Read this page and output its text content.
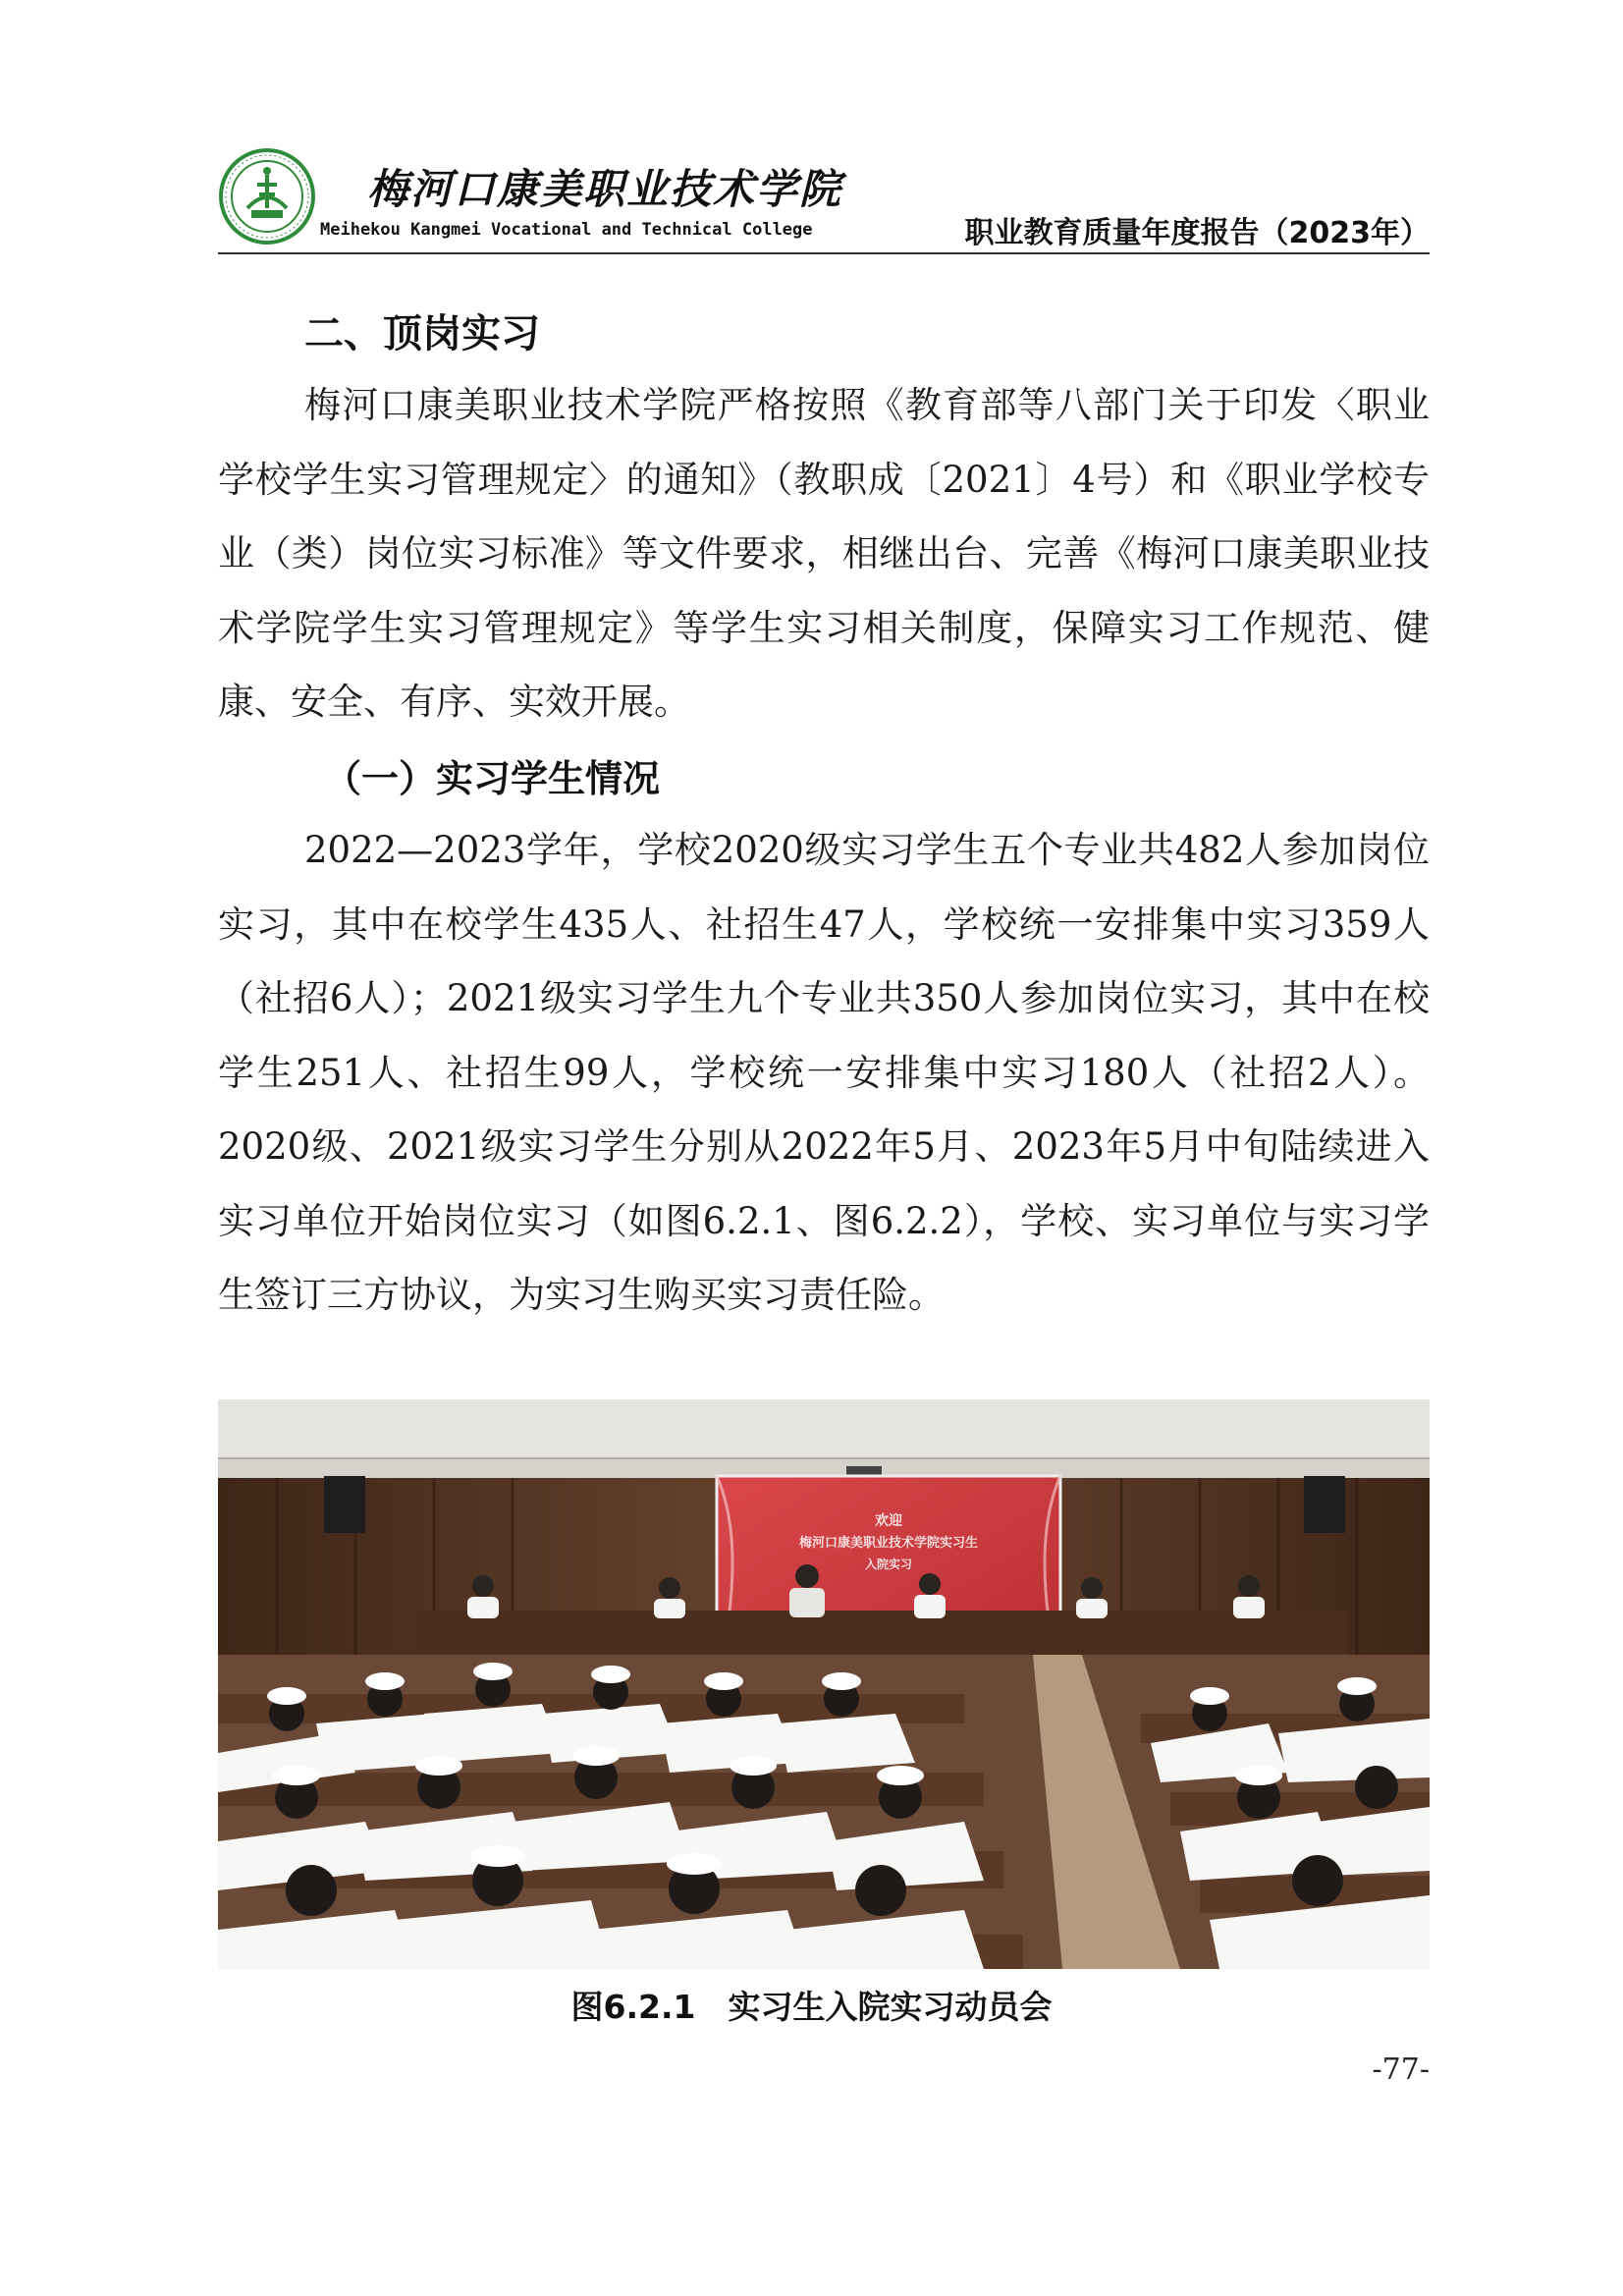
梅河口康美职业技术学院
Meihekou Kangmei Vocational and Technical College	职业教育质量年度报告（2023年）
二、顶岗实习

梅河口康美职业技术学院严格按照《教育部等八部门关于印发〈职业学校学生实习管理规定〉的通知》（教职成〔2021〕4号）和《职业学校专业（类）岗位实习标准》等文件要求，相继出台、完善《梅河口康美职业技术学院学生实习管理规定》等学生实习相关制度，保障实习工作规范、健康、安全、有序、实效开展。

（一）实习学生情况

2022—2023学年，学校2020级实习学生五个专业共482人参加岗位实习，其中在校学生435人、社招生47人，学校统一安排集中实习359人（社招6人）；2021级实习学生九个专业共350人参加岗位实习，其中在校学生251人、社招生99人，学校统一安排集中实习180人（社招2人）。2020级、2021级实习学生分别从2022年5月、2023年5月中旬陆续进入实习单位开始岗位实习（如图6.2.1、图6.2.2），学校、实习单位与实习学生签订三方协议，为实习生购买实习责任险。

欢迎
梅河口康美职业技术学院实习生
入院实习
图6.2.1　实习生入院实习动员会
-77-
